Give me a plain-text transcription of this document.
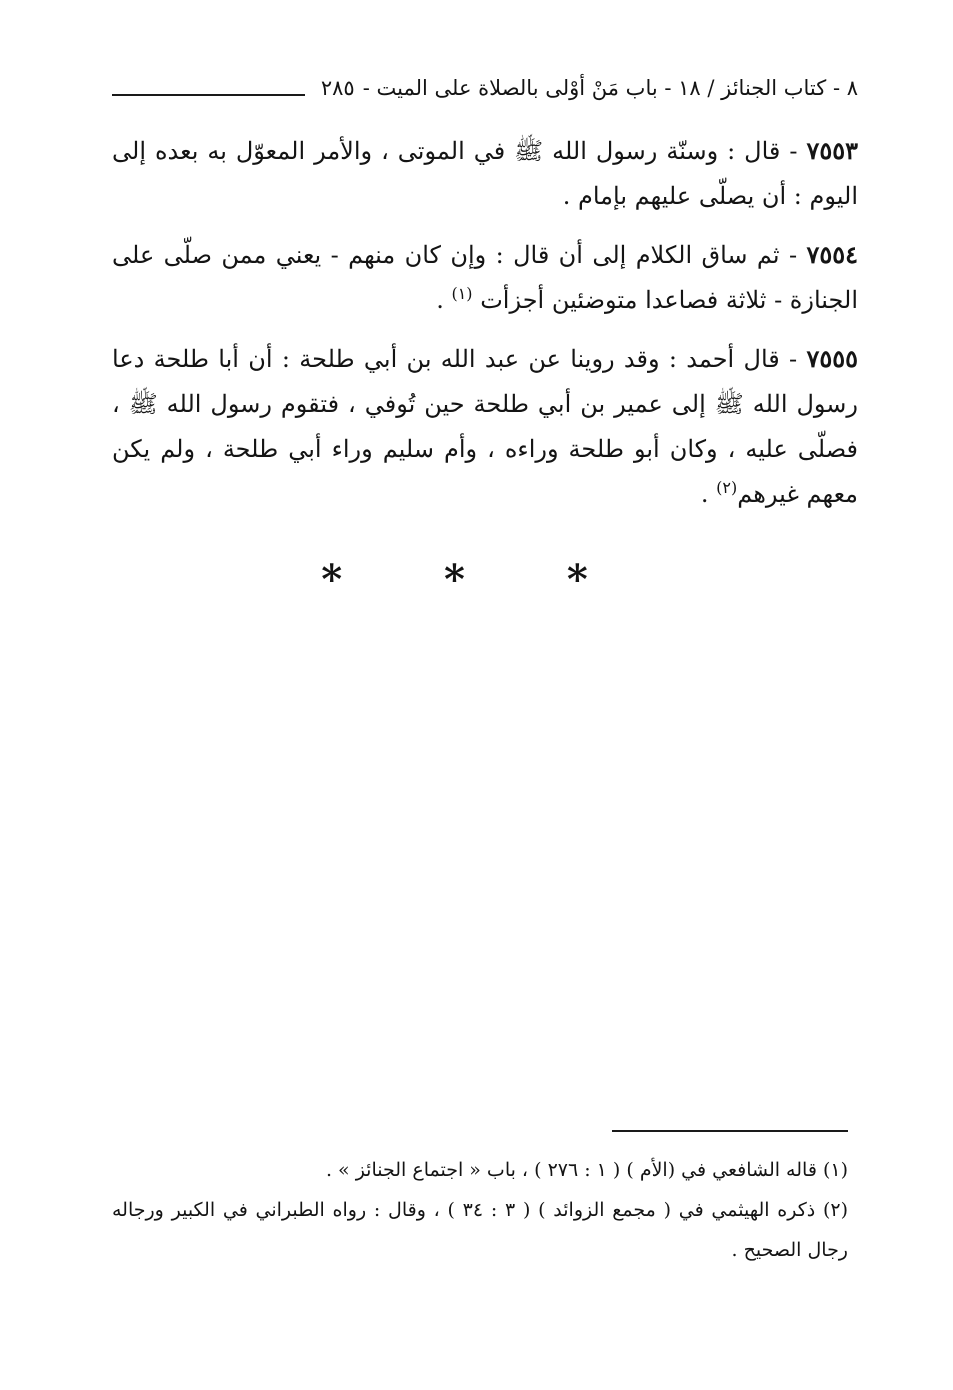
٨ - كتاب الجنائز / ١٨ - باب مَنْ أوْلى بالصلاة على الميت -
٢٨٥

٧٥٥٣ - قال : وسنّة رسول الله ﷺ في الموتى ، والأمر المعوّل به بعده إلى اليوم : أن يصلّى عليهم بإمام .

٧٥٥٤ - ثم ساق الكلام إلى أن قال : وإن كان منهم - يعني ممن صلّى على الجنازة - ثلاثة فصاعدا متوضئين أجزأت $^{(١)}$ .

٧٥٥٥ - قال أحمد : وقد روينا عن عبد الله بن أبي طلحة : أن أبا طلحة دعا رسول الله ﷺ إلى عمير بن أبي طلحة حين تُوفي ، فتقوم رسول الله ﷺ ، فصلّى عليه ، وكان أبو طلحة وراءه ، وأم سليم وراء أبي طلحة ، ولم يكن معهم غيرهم$^{(٢)}$ .

* * *

(١) قاله الشافعي في (الأم ) ( ١ : ٢٧٦ ) ، باب « اجتماع الجنائز » .

(٢) ذكره الهيثمي في ( مجمع الزوائد ) ( ٣ : ٣٤ ) ، وقال : رواه الطبراني في الكبير ورجاله رجال الصحيح .
